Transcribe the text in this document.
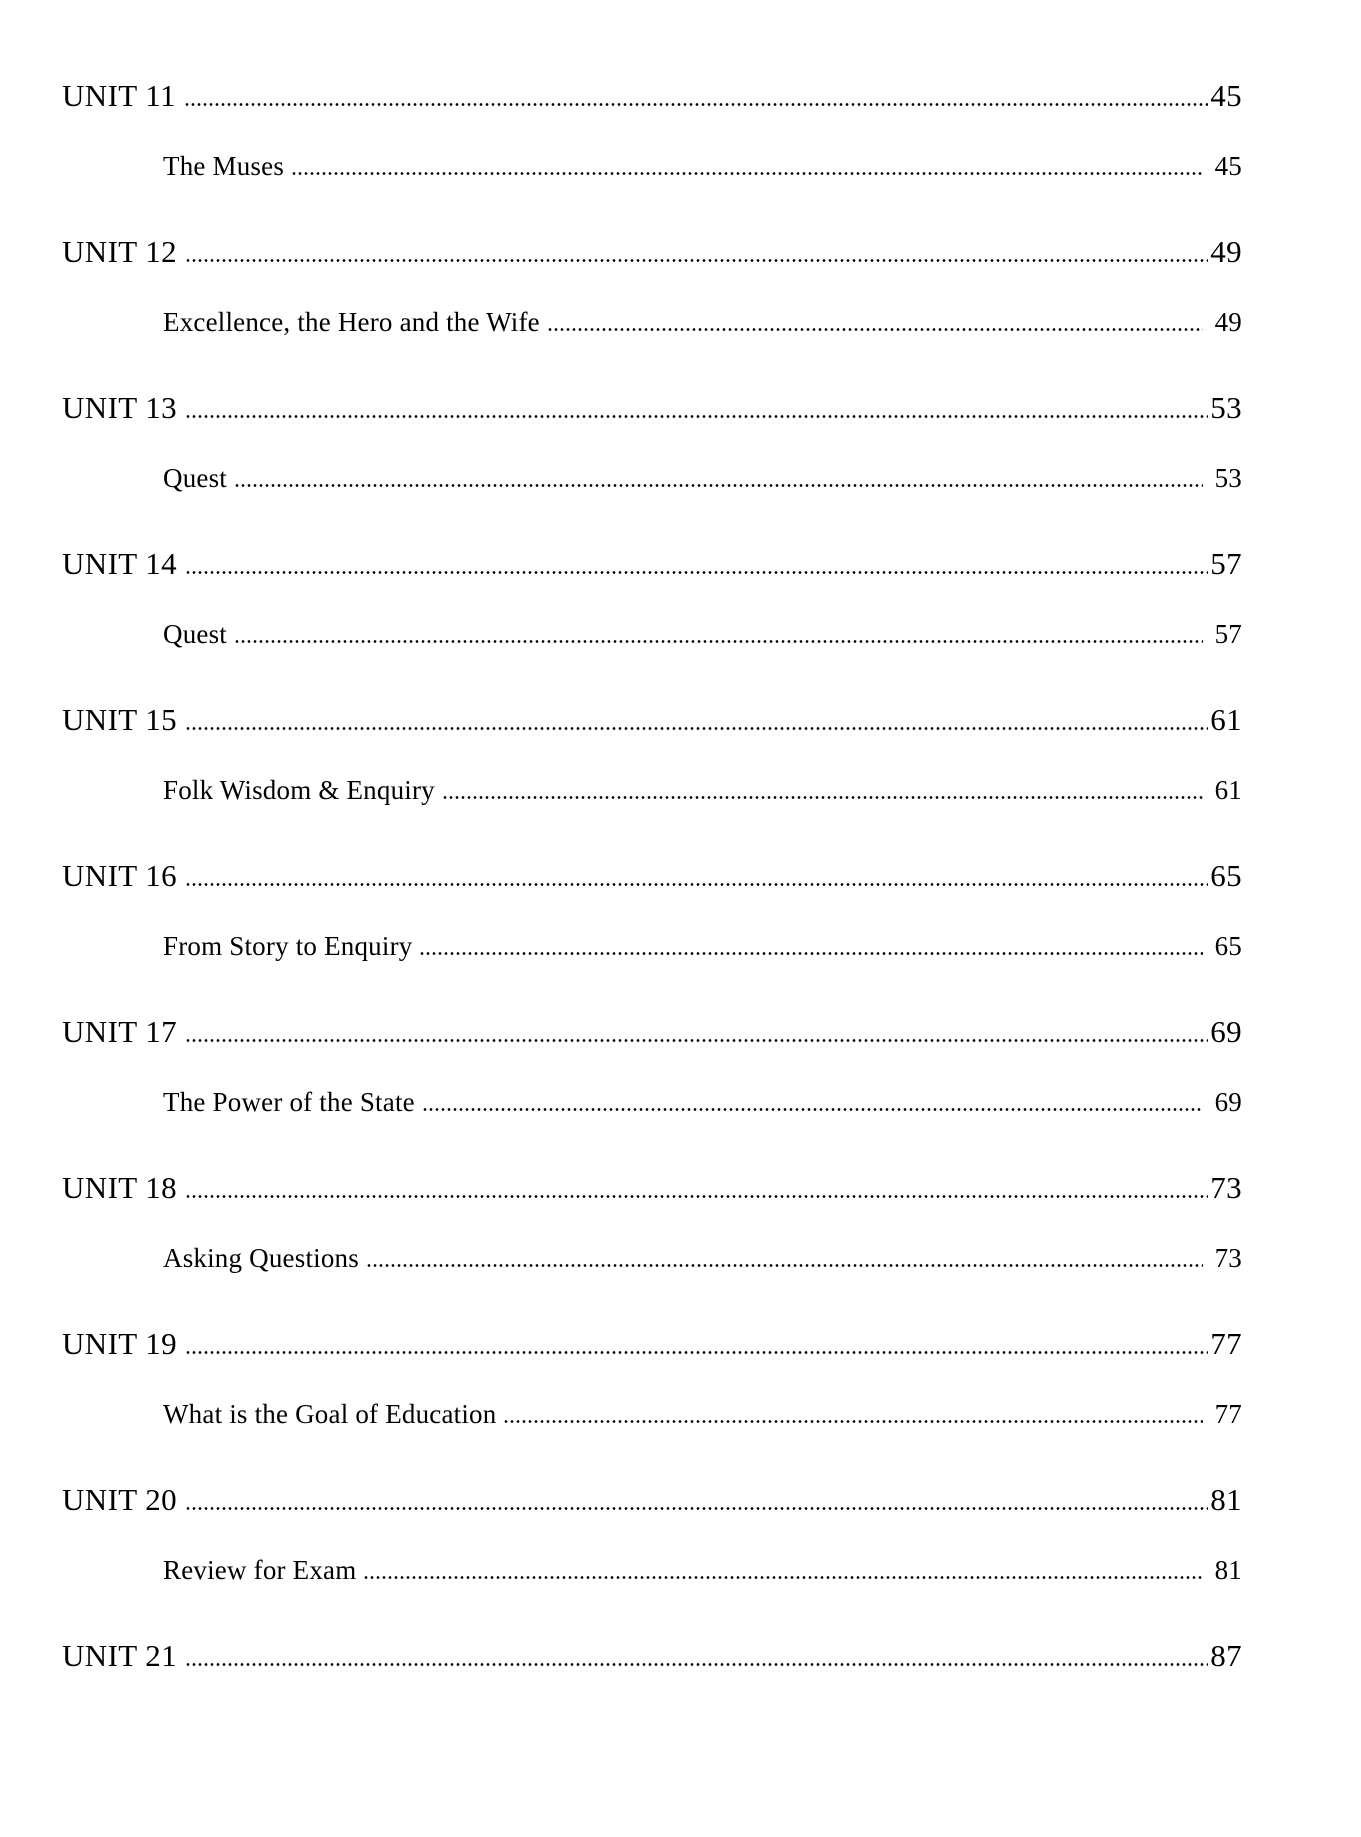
UNIT 11	45
The Muses	45
UNIT 12	49
Excellence, the Hero and the Wife	49
UNIT 13	53
Quest	53
UNIT 14	57
Quest	57
UNIT 15	61
Folk Wisdom & Enquiry	61
UNIT 16	65
From Story to Enquiry	65
UNIT 17	69
The Power of the State	69
UNIT 18	73
Asking Questions	73
UNIT 19	77
What is the Goal of Education	77
UNIT 20	81
Review for Exam	81
UNIT 21	87
